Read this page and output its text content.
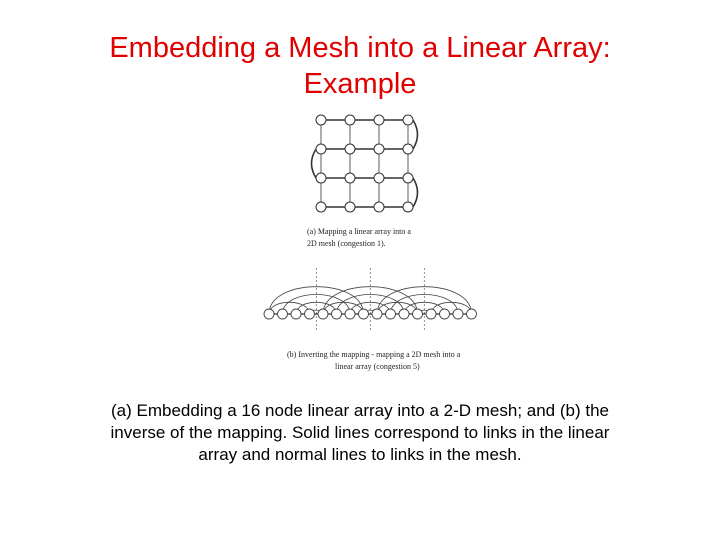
Embedding a Mesh into a Linear Array:
Example
(a) Mapping a linear array into a
2D mesh (congestion 1).
(b) Inverting the mapping - mapping a 2D mesh into a
linear array (congestion 5)
(a) Embedding a 16 node linear array into a 2-D mesh; and (b) the
inverse of the mapping. Solid lines correspond to links in the linear
array and normal lines to links in the mesh.
